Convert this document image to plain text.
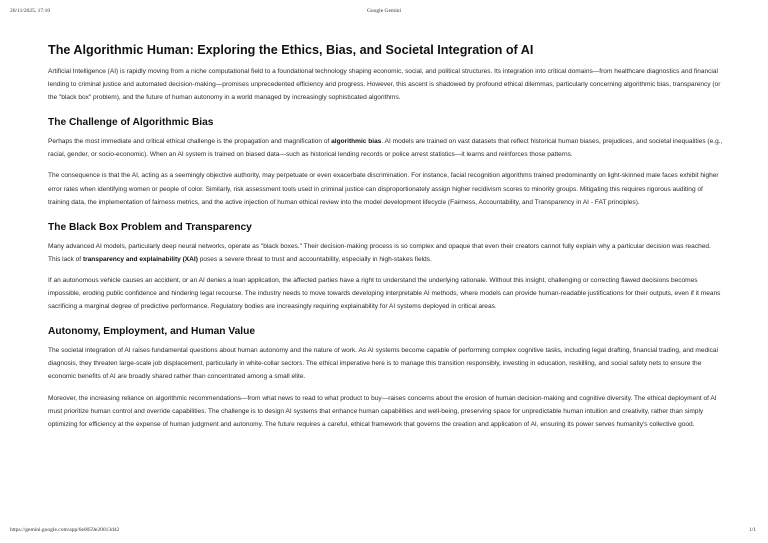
26/11/2025, 17:10	Google Gemini
The Algorithmic Human: Exploring the Ethics, Bias, and Societal Integration of AI

Artificial Intelligence (AI) is rapidly moving from a niche computational field to a foundational technology shaping economic, social, and political structures. Its integration into critical domains—from healthcare diagnostics and financial lending to criminal justice and automated decision-making—promises unprecedented efficiency and progress. However, this ascent is shadowed by profound ethical dilemmas, particularly concerning algorithmic bias, transparency (or the "black box" problem), and the future of human autonomy in a world managed by increasingly sophisticated algorithms.

The Challenge of Algorithmic Bias

Perhaps the most immediate and critical ethical challenge is the propagation and magnification of algorithmic bias. AI models are trained on vast datasets that reflect historical human biases, prejudices, and societal inequalities (e.g., racial, gender, or socio-economic). When an AI system is trained on biased data—such as historical lending records or police arrest statistics—it learns and reinforces those patterns.

The consequence is that the AI, acting as a seemingly objective authority, may perpetuate or even exacerbate discrimination. For instance, facial recognition algorithms trained predominantly on light-skinned male faces exhibit higher error rates when identifying women or people of color. Similarly, risk assessment tools used in criminal justice can disproportionately assign higher recidivism scores to minority groups. Mitigating this requires rigorous auditing of training data, the implementation of fairness metrics, and the active injection of human ethical review into the model development lifecycle (Fairness, Accountability, and Transparency in AI - FAT principles).

The Black Box Problem and Transparency

Many advanced AI models, particularly deep neural networks, operate as "black boxes." Their decision-making process is so complex and opaque that even their creators cannot fully explain why a particular decision was reached. This lack of transparency and explainability (XAI) poses a severe threat to trust and accountability, especially in high-stakes fields.

If an autonomous vehicle causes an accident, or an AI denies a loan application, the affected parties have a right to understand the underlying rationale. Without this insight, challenging or correcting flawed decisions becomes impossible, eroding public confidence and hindering legal recourse. The industry needs to move towards developing interpretable AI methods, where models can provide human-readable justifications for their outputs, even if it means sacrificing a marginal degree of predictive performance. Regulatory bodies are increasingly requiring explainability for AI systems deployed in critical areas.

Autonomy, Employment, and Human Value

The societal integration of AI raises fundamental questions about human autonomy and the nature of work. As AI systems become capable of performing complex cognitive tasks, including legal drafting, financial trading, and medical diagnosis, they threaten large-scale job displacement, particularly in white-collar sectors. The ethical imperative here is to manage this transition responsibly, investing in education, reskilling, and social safety nets to ensure the economic benefits of AI are broadly shared rather than concentrated among a small elite.

Moreover, the increasing reliance on algorithmic recommendations—from what news to read to what product to buy—raises concerns about the erosion of human decision-making and cognitive diversity. The ethical deployment of AI must prioritize human control and override capabilities. The challenge is to design AI systems that enhance human capabilities and well-being, preserving space for unpredictable human intuition and creativity, rather than simply optimizing for efficiency at the expense of human judgment and autonomy. The future requires a careful, ethical framework that governs the creation and application of AI, ensuring its power serves humanity's collective good.

https://gemini.google.com/app/6e0059e20013d42	1/1
